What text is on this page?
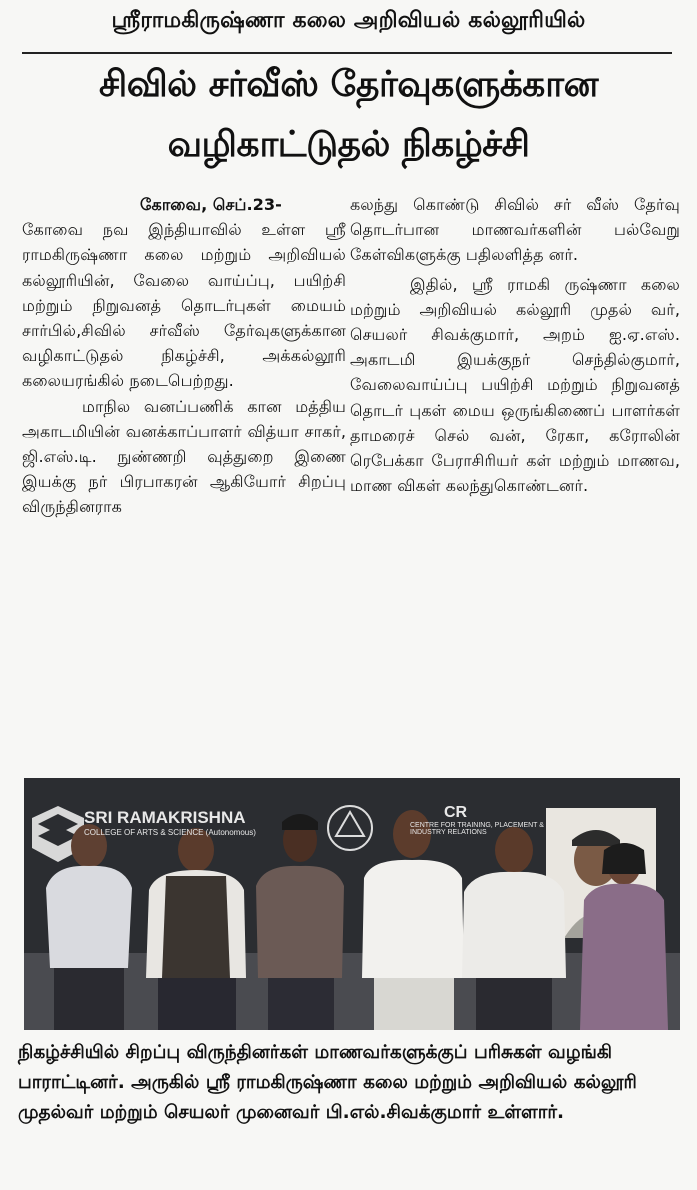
ஸ்ரீராமகிருஷ்ணா கலை அறிவியல் கல்லூரியில்
சிவில் சர்வீஸ் தேர்வுகளுக்கான
வழிகாட்டுதல் நிகழ்ச்சி

கோவை, செப்.23-

கோவை நவ இந்தியாவில் உள்ள ஸ்ரீ ராமகிருஷ்ணா கலை மற்றும் அறிவியல் கல்லூரியின், வேலை வாய்ப்பு, பயிற்சி மற்றும் நிறுவனத் தொடர்புகள் மையம் சார்பில்,சிவில் சர்வீஸ் தேர்வுகளுக்கான வழிகாட்டுதல் நிகழ்ச்சி, அக்கல்லூரி கலையரங்கில் நடைபெற்றது.

மாநில வனப்பணிக் கான மத்திய அகாடமியின் வனக்காப்பாளர் வித்யா சாகர், ஜி.எஸ்.டி. நுண்ணறி வுத்துறை இணை இயக்கு நர் பிரபாகரன் ஆகியோர் சிறப்பு விருந்தினராக

கலந்து கொண்டு சிவில் சர் வீஸ் தேர்வு தொடர்பான மாணவர்களின் பல்வேறு கேள்விகளுக்கு பதிலளித்த னர்.

இதில், ஸ்ரீ ராமகி ருஷ்ணா கலை மற்றும் அறிவியல் கல்லூரி முதல் வர், செயலர் சிவக்குமார், அறம் ஐ.ஏ.எஸ். அகாடமி இயக்குநர் செந்தில்குமார், வேலைவாய்ப்பு பயிற்சி மற்றும் நிறுவனத் தொடர் புகள் மைய ஒருங்கிணைப் பாளர்கள் தாமரைச் செல் வன், ரேகா, கரோலின் ரெபேக்கா பேராசிரியர் கள் மற்றும் மாணவ, மாண விகள் கலந்துகொண்டனர்.

SRI RAMAKRISHNA
COLLEGE OF ARTS & SCIENCE (Autonomous)
CENTRE FOR TRAINING, PLACEMENT & INDUSTRY RELATIONS
CR

நிகழ்ச்சியில் சிறப்பு விருந்தினர்கள் மாணவர்களுக்குப் பரிசுகள் வழங்கி பாராட்டினர். அருகில் ஸ்ரீ ராமகிருஷ்ணா கலை மற்றும் அறிவியல் கல்லூரி முதல்வர் மற்றும் செயலர் முனைவர் பி.எல்.சிவக்குமார் உள்ளார்.
